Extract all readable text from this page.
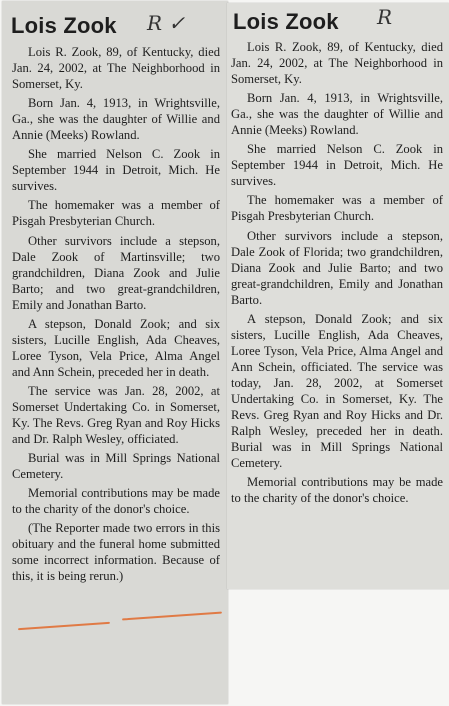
Lois Zook R ✓

Lois R. Zook, 89, of Kentucky, died Jan. 24, 2002, at The Neighborhood in Somerset, Ky.

Born Jan. 4, 1913, in Wrightsville, Ga., she was the daughter of Willie and Annie (Meeks) Rowland.

She married Nelson C. Zook in September 1944 in Detroit, Mich. He survives.

The homemaker was a member of Pisgah Presbyterian Church.

Other survivors include a stepson, Dale Zook of Martinsville; two grandchildren, Diana Zook and Julie Barto; and two great-grandchildren, Emily and Jonathan Barto.

A stepson, Donald Zook; and six sisters, Lucille English, Ada Cheaves, Loree Tyson, Vela Price, Alma Angel and Ann Schein, preceded her in death.

The service was Jan. 28, 2002, at Somerset Undertaking Co. in Somerset, Ky. The Revs. Greg Ryan and Roy Hicks and Dr. Ralph Wesley, officiated.

Burial was in Mill Springs National Cemetery.

Memorial contributions may be made to the charity of the donor's choice.

(The Reporter made two errors in this obituary and the funeral home submitted some incorrect information. Because of this, it is being rerun.)

Lois Zook R

Lois R. Zook, 89, of Kentucky, died Jan. 24, 2002, at The Neighborhood in Somerset, Ky.

Born Jan. 4, 1913, in Wrightsville, Ga., she was the daughter of Willie and Annie (Meeks) Rowland.

She married Nelson C. Zook in September 1944 in Detroit, Mich. He survives.

The homemaker was a member of Pisgah Presbyterian Church.

Other survivors include a stepson, Dale Zook of Florida; two grandchildren, Diana Zook and Julie Barto; and two great-grandchildren, Emily and Jonathan Barto.

A stepson, Donald Zook; and six sisters, Lucille English, Ada Cheaves, Loree Tyson, Vela Price, Alma Angel and Ann Schein, officiated. The service was today, Jan. 28, 2002, at Somerset Undertaking Co. in Somerset, Ky. The Revs. Greg Ryan and Roy Hicks and Dr. Ralph Wesley, preceded her in death. Burial was in Mill Springs National Cemetery.

Memorial contributions may be made to the charity of the donor's choice.
